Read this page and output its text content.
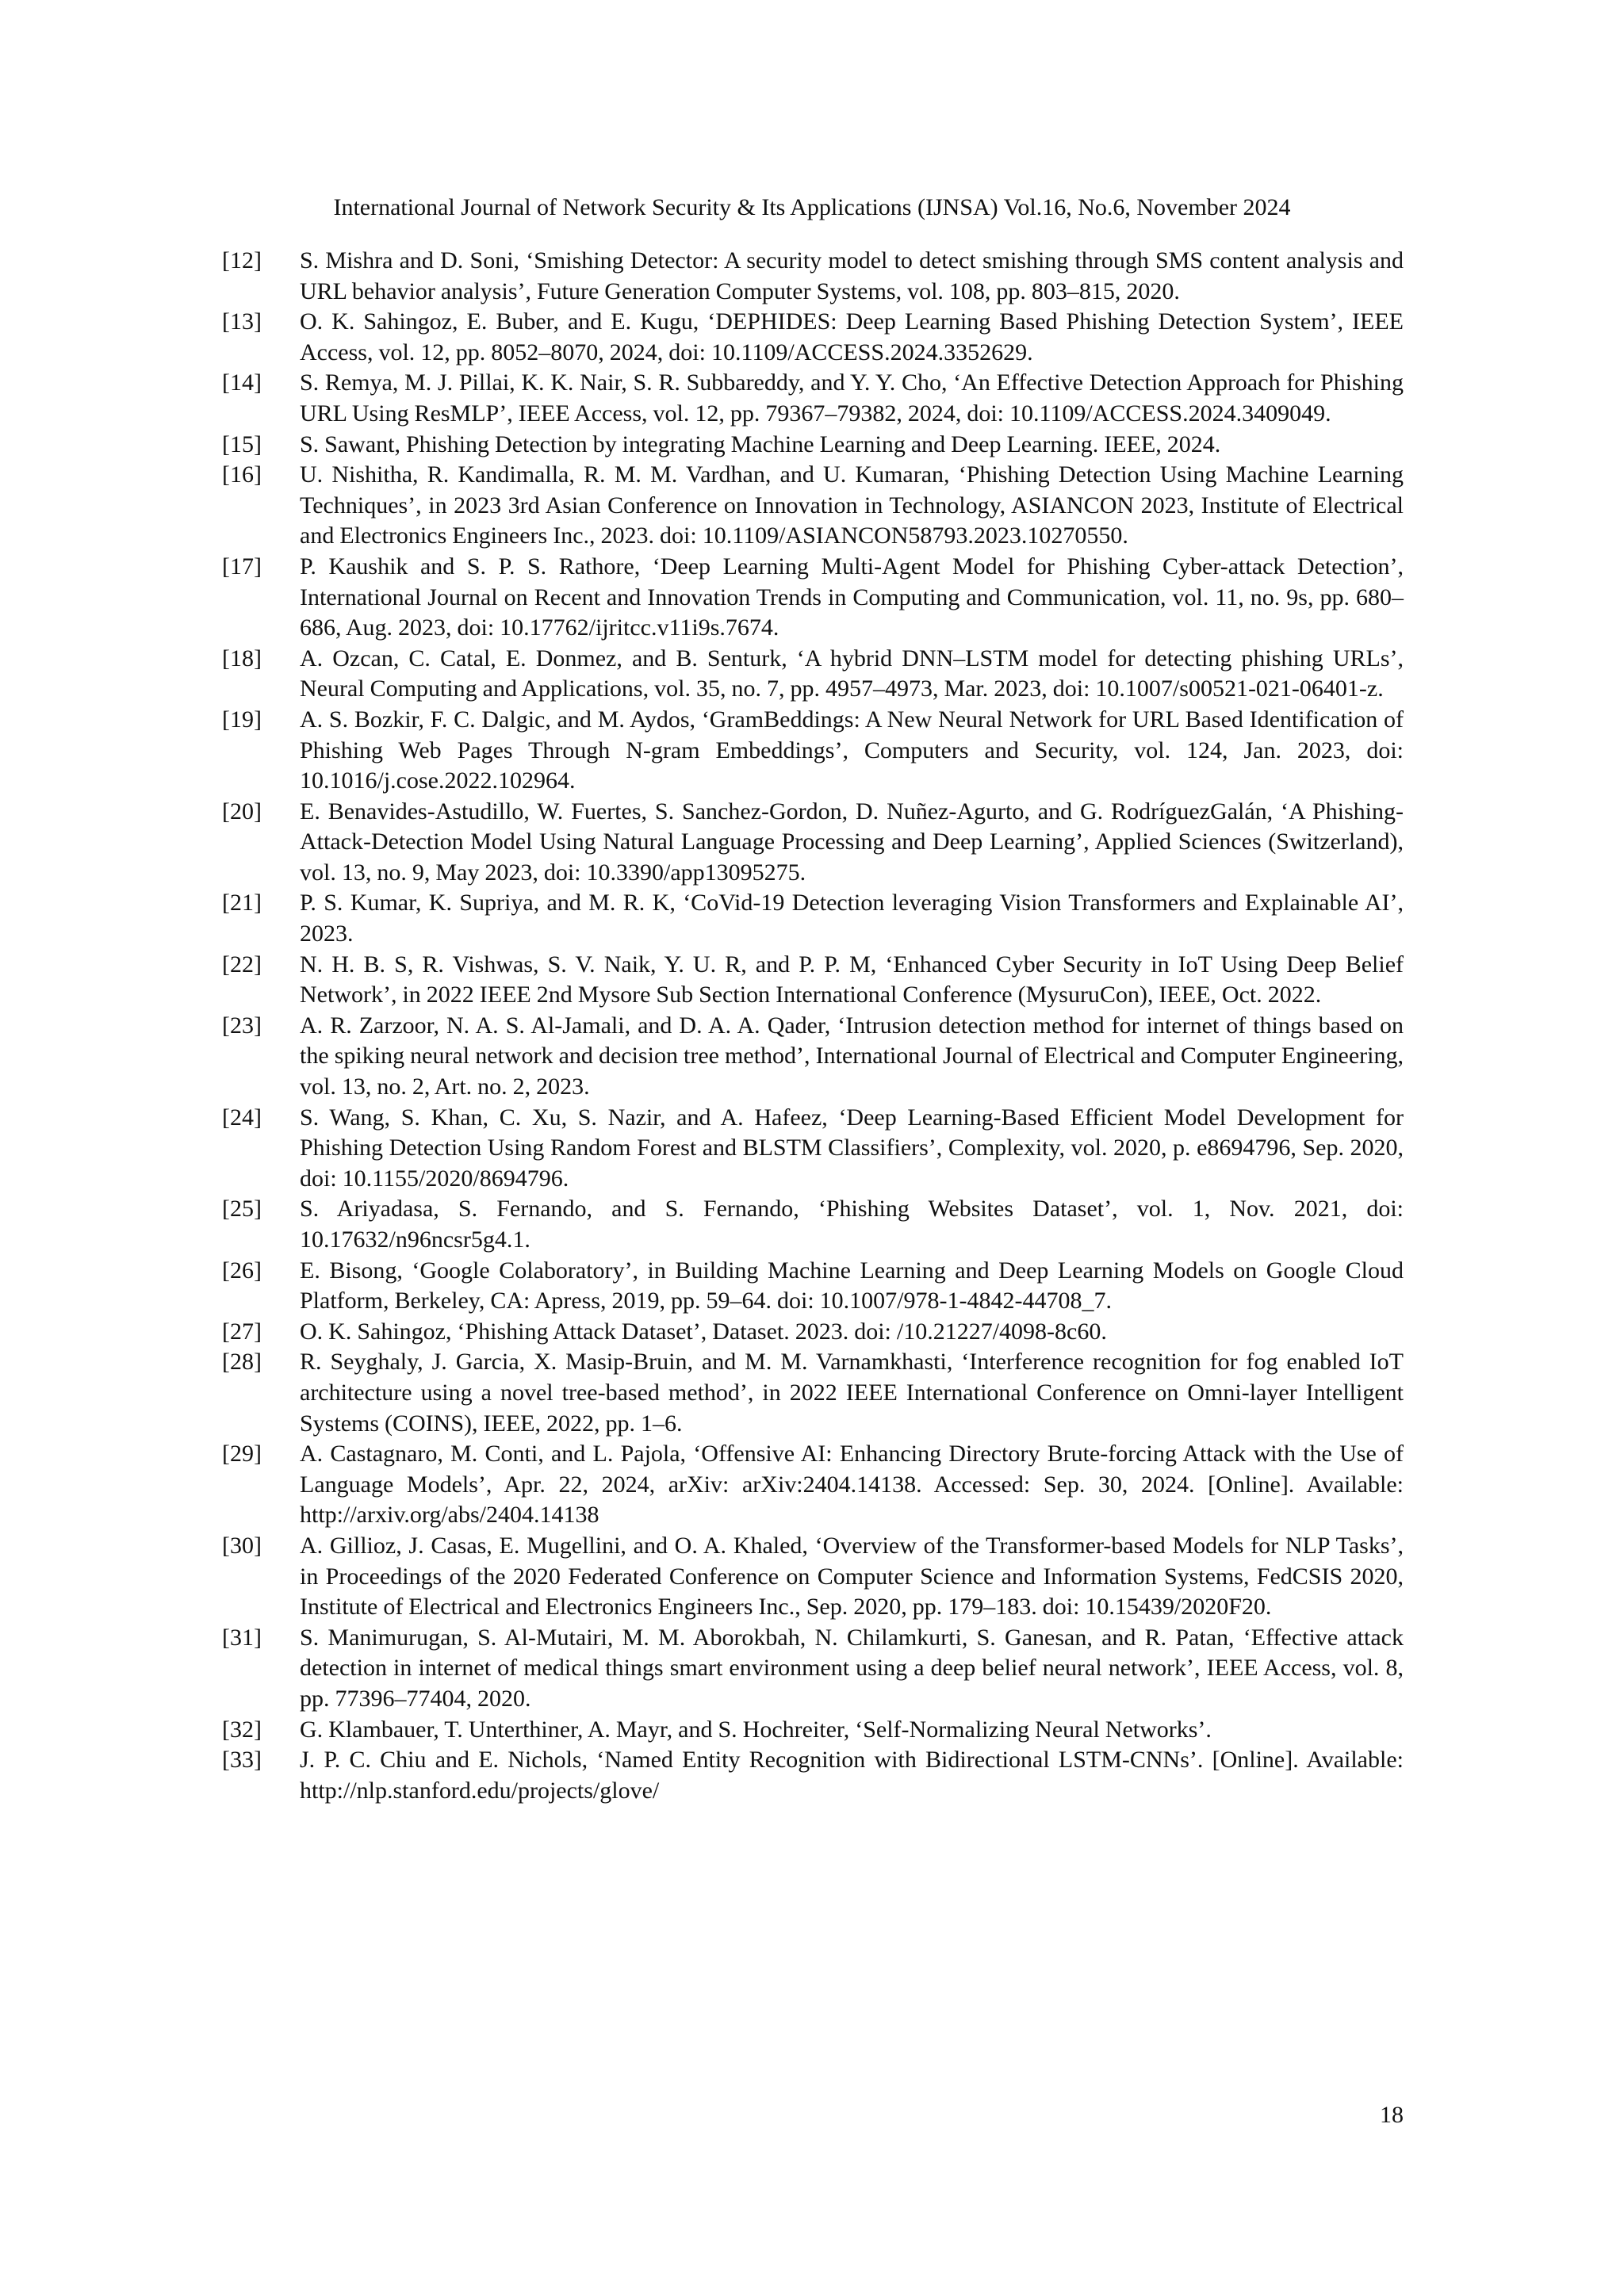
International Journal of Network Security & Its Applications (IJNSA) Vol.16, No.6, November 2024
[12]	S. Mishra and D. Soni, ‘Smishing Detector: A security model to detect smishing through SMS content analysis and URL behavior analysis’, Future Generation Computer Systems, vol. 108, pp. 803–815, 2020.
[13]	O. K. Sahingoz, E. Buber, and E. Kugu, ‘DEPHIDES: Deep Learning Based Phishing Detection System’, IEEE Access, vol. 12, pp. 8052–8070, 2024, doi: 10.1109/ACCESS.2024.3352629.
[14]	S. Remya, M. J. Pillai, K. K. Nair, S. R. Subbareddy, and Y. Y. Cho, ‘An Effective Detection Approach for Phishing URL Using ResMLP’, IEEE Access, vol. 12, pp. 79367–79382, 2024, doi: 10.1109/ACCESS.2024.3409049.
[15]	S. Sawant, Phishing Detection by integrating Machine Learning and Deep Learning. IEEE, 2024.
[16]	U. Nishitha, R. Kandimalla, R. M. M. Vardhan, and U. Kumaran, ‘Phishing Detection Using Machine Learning Techniques’, in 2023 3rd Asian Conference on Innovation in Technology, ASIANCON 2023, Institute of Electrical and Electronics Engineers Inc., 2023. doi: 10.1109/ASIANCON58793.2023.10270550.
[17]	P. Kaushik and S. P. S. Rathore, ‘Deep Learning Multi-Agent Model for Phishing Cyber-attack Detection’, International Journal on Recent and Innovation Trends in Computing and Communication, vol. 11, no. 9s, pp. 680–686, Aug. 2023, doi: 10.17762/ijritcc.v11i9s.7674.
[18]	A. Ozcan, C. Catal, E. Donmez, and B. Senturk, ‘A hybrid DNN–LSTM model for detecting phishing URLs’, Neural Computing and Applications, vol. 35, no. 7, pp. 4957–4973, Mar. 2023, doi: 10.1007/s00521-021-06401-z.
[19]	A. S. Bozkir, F. C. Dalgic, and M. Aydos, ‘GramBeddings: A New Neural Network for URL Based Identification of Phishing Web Pages Through N-gram Embeddings’, Computers and Security, vol. 124, Jan. 2023, doi: 10.1016/j.cose.2022.102964.
[20]	E. Benavides-Astudillo, W. Fuertes, S. Sanchez-Gordon, D. Nuñez-Agurto, and G. RodríguezGalán, ‘A Phishing-Attack-Detection Model Using Natural Language Processing and Deep Learning’, Applied Sciences (Switzerland), vol. 13, no. 9, May 2023, doi: 10.3390/app13095275.
[21]	P. S. Kumar, K. Supriya, and M. R. K, ‘CoVid-19 Detection leveraging Vision Transformers and Explainable AI’, 2023.
[22]	N. H. B. S, R. Vishwas, S. V. Naik, Y. U. R, and P. P. M, ‘Enhanced Cyber Security in IoT Using Deep Belief Network’, in 2022 IEEE 2nd Mysore Sub Section International Conference (MysuruCon), IEEE, Oct. 2022.
[23]	A. R. Zarzoor, N. A. S. Al-Jamali, and D. A. A. Qader, ‘Intrusion detection method for internet of things based on the spiking neural network and decision tree method’, International Journal of Electrical and Computer Engineering, vol. 13, no. 2, Art. no. 2, 2023.
[24]	S. Wang, S. Khan, C. Xu, S. Nazir, and A. Hafeez, ‘Deep Learning-Based Efficient Model Development for Phishing Detection Using Random Forest and BLSTM Classifiers’, Complexity, vol. 2020, p. e8694796, Sep. 2020, doi: 10.1155/2020/8694796.
[25]	S. Ariyadasa, S. Fernando, and S. Fernando, ‘Phishing Websites Dataset’, vol. 1, Nov. 2021, doi: 10.17632/n96ncsr5g4.1.
[26]	E. Bisong, ‘Google Colaboratory’, in Building Machine Learning and Deep Learning Models on Google Cloud Platform, Berkeley, CA: Apress, 2019, pp. 59–64. doi: 10.1007/978-1-4842-44708_7.
[27]	O. K. Sahingoz, ‘Phishing Attack Dataset’, Dataset. 2023. doi: /10.21227/4098-8c60.
[28]	R. Seyghaly, J. Garcia, X. Masip-Bruin, and M. M. Varnamkhasti, ‘Interference recognition for fog enabled IoT architecture using a novel tree-based method’, in 2022 IEEE International Conference on Omni-layer Intelligent Systems (COINS), IEEE, 2022, pp. 1–6.
[29]	A. Castagnaro, M. Conti, and L. Pajola, ‘Offensive AI: Enhancing Directory Brute-forcing Attack with the Use of Language Models’, Apr. 22, 2024, arXiv: arXiv:2404.14138. Accessed: Sep. 30, 2024. [Online]. Available: http://arxiv.org/abs/2404.14138
[30]	A. Gillioz, J. Casas, E. Mugellini, and O. A. Khaled, ‘Overview of the Transformer-based Models for NLP Tasks’, in Proceedings of the 2020 Federated Conference on Computer Science and Information Systems, FedCSIS 2020, Institute of Electrical and Electronics Engineers Inc., Sep. 2020, pp. 179–183. doi: 10.15439/2020F20.
[31]	S. Manimurugan, S. Al-Mutairi, M. M. Aborokbah, N. Chilamkurti, S. Ganesan, and R. Patan, ‘Effective attack detection in internet of medical things smart environment using a deep belief neural network’, IEEE Access, vol. 8, pp. 77396–77404, 2020.
[32]	G. Klambauer, T. Unterthiner, A. Mayr, and S. Hochreiter, ‘Self-Normalizing Neural Networks’.
[33]	J. P. C. Chiu and E. Nichols, ‘Named Entity Recognition with Bidirectional LSTM-CNNs’. [Online]. Available: http://nlp.stanford.edu/projects/glove/
18
